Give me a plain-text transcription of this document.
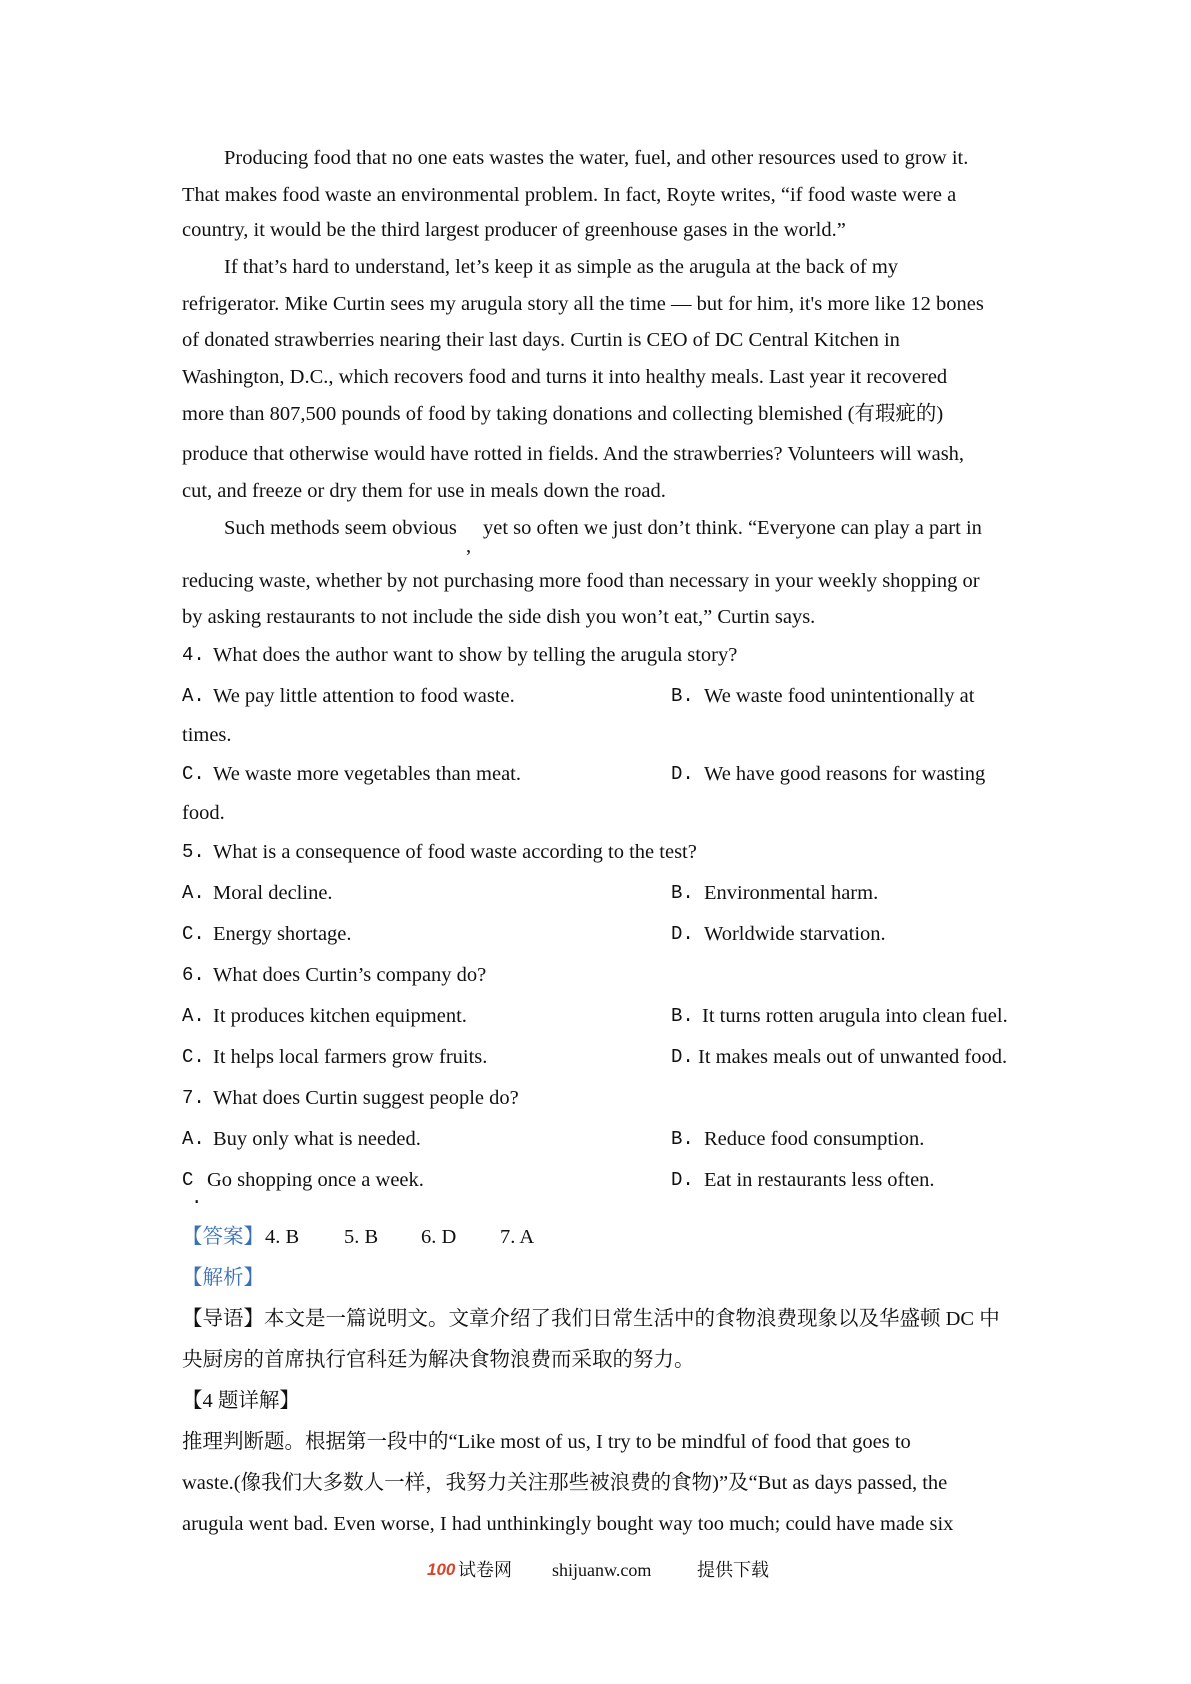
Producing food that no one eats wastes the water, fuel, and other resources used to grow it.
That makes food waste an environmental problem. In fact, Royte writes, “if food waste were a
country, it would be the third largest producer of greenhouse gases in the world.”
If that’s hard to understand, let’s keep it as simple as the arugula at the back of my
refrigerator. Mike Curtin sees my arugula story all the time — but for him, it's more like 12 bones
of donated strawberries nearing their last days. Curtin is CEO of DC Central Kitchen in
Washington, D.C., which recovers food and turns it into healthy meals. Last year it recovered
more than 807,500 pounds of food by taking donations and collecting blemished (有瑕疵的)
produce that otherwise would have rotted in fields. And the strawberries? Volunteers will wash,
cut, and freeze or dry them for use in meals down the road.
Such methods seem obvious
,
yet so often we just don’t think. “Everyone can play a part in
reducing waste, whether by not purchasing more food than necessary in your weekly shopping or
by asking restaurants to not include the side dish you won’t eat,” Curtin says.
4. What does the author want to show by telling the arugula story?
A. We pay little attention to food waste.	B. We waste food unintentionally at
times.
C. We waste more vegetables than meat.	D. We have good reasons for wasting
food.
5. What is a consequence of food waste according to the test?
A. Moral decline.	B. Environmental harm.
C. Energy shortage.	D. Worldwide starvation.
6. What does Curtin’s company do?
A. It produces kitchen equipment.	B. It turns rotten arugula into clean fuel.
C. It helps local farmers grow fruits.	D. It makes meals out of unwanted food.
7. What does Curtin suggest people do?
A. Buy only what is needed.	B. Reduce food consumption.
C
.
Go shopping once a week.	D. Eat in restaurants less often.
【答案】 4. B 5. B 6. D 7. A
【解析】
【导语】本文是一篇说明文。文章介绍了我们日常生活中的食物浪费现象以及华盛顿 DC 中
央厨房的首席执行官科廷为解决食物浪费而采取的努力。
【4 题详解】
推理判断题。根据第一段中的“Like most of us, I try to be mindful of food that goes to
waste.(像我们大多数人一样，我努力关注那些被浪费的食物)”及“But as days passed, the
arugula went bad. Even worse, I had unthinkingly bought way too much; could have made six
100 试卷网 shijuanw.com	提供下载
